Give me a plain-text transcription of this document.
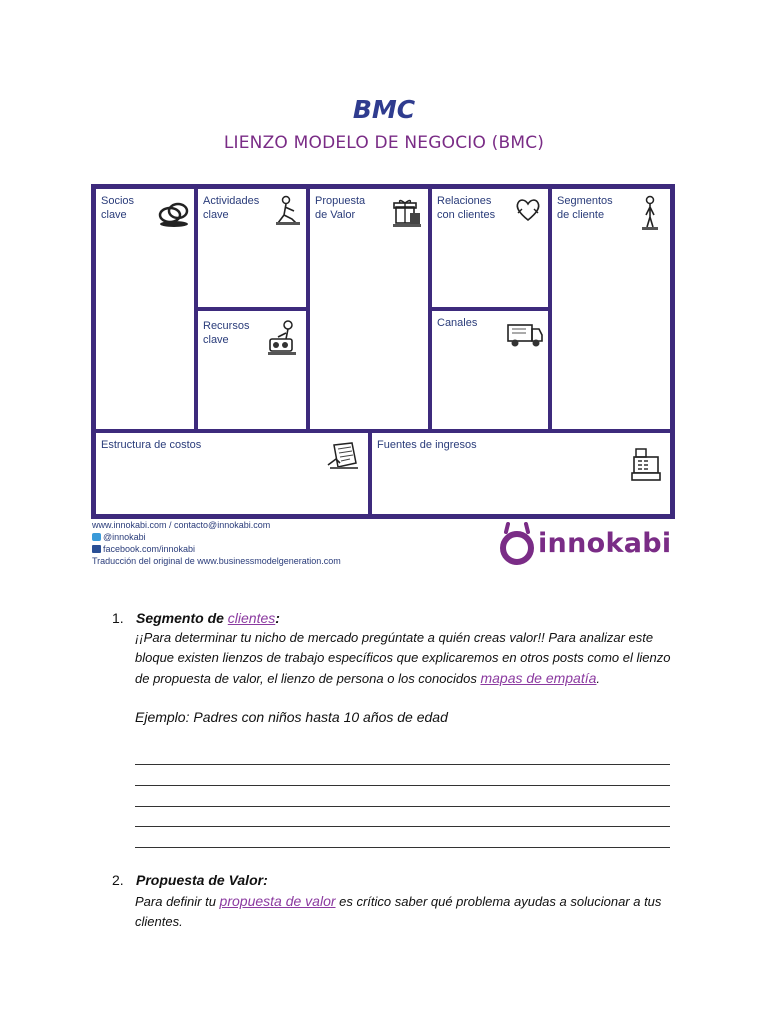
BMC
LIENZO MODELO DE NEGOCIO (BMC)
Socios
clave
Actividades
clave
Recursos
clave
Propuesta
de Valor
Relaciones
con clientes
Canales
Segmentos
de cliente
Estructura de costos	Fuentes de ingresos
www.innokabi.com / contacto@innokabi.com
@innokabi
facebook.com/innokabi
Traducción del original de www.businessmodelgeneration.com
innokabi
1. Segmento de clientes:
¡¡Para determinar tu nicho de mercado pregúntate a quién creas valor!! Para analizar este bloque existen lienzos de trabajo específicos que explicaremos en otros posts como el lienzo de propuesta de valor, el lienzo de persona o los conocidos mapas de empatía.
Ejemplo: Padres con niños hasta 10 años de edad
2. Propuesta de Valor:
Para definir tu propuesta de valor es crítico saber qué problema ayudas a solucionar a tus clientes.
